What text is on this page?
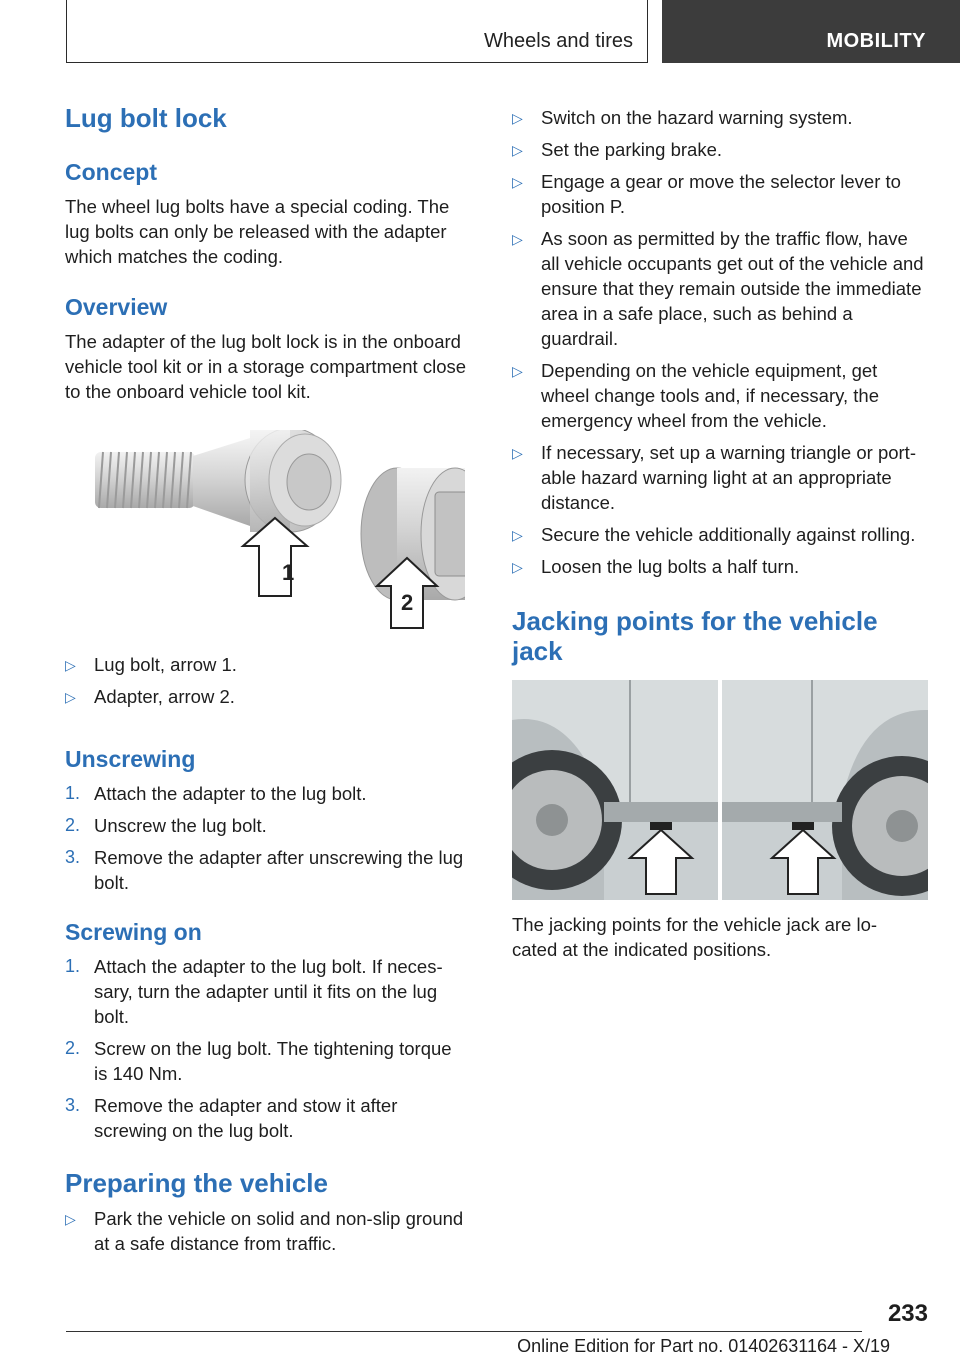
Wheels and tires	MOBILITY
Lug bolt lock
Concept

The wheel lug bolts have a special coding. The lug bolts can only be released with the adapter which matches the coding.

Overview

The adapter of the lug bolt lock is in the onboard vehicle tool kit or in a storage compartment close to the onboard vehicle tool kit.

1
2
▷ Lug bolt, arrow 1.
▷ Adapter, arrow 2.
Unscrewing
1. Attach the adapter to the lug bolt.
2. Unscrew the lug bolt.
3. Remove the adapter after unscrewing the lug bolt.
Screwing on
1. Attach the adapter to the lug bolt. If necessary, turn the adapter until it fits on the lug bolt.
2. Screw on the lug bolt. The tightening torque is 140 Nm.
3. Remove the adapter and stow it after screwing on the lug bolt.
Preparing the vehicle
▷ Park the vehicle on solid and non-slip ground at a safe distance from traffic.
▷ Switch on the hazard warning system.
▷ Set the parking brake.
▷ Engage a gear or move the selector lever to position P.
▷ As soon as permitted by the traffic flow, have all vehicle occupants get out of the vehicle and ensure that they remain outside the immediate area in a safe place, such as behind a guardrail.
▷ Depending on the vehicle equipment, get wheel change tools and, if necessary, the emergency wheel from the vehicle.
▷ If necessary, set up a warning triangle or portable hazard warning light at an appropriate distance.
▷ Secure the vehicle additionally against rolling.
▷ Loosen the lug bolts a half turn.
Jacking points for the vehicle jack

The jacking points for the vehicle jack are located at the indicated positions.

233
Online Edition for Part no. 01402631164 - X/19
